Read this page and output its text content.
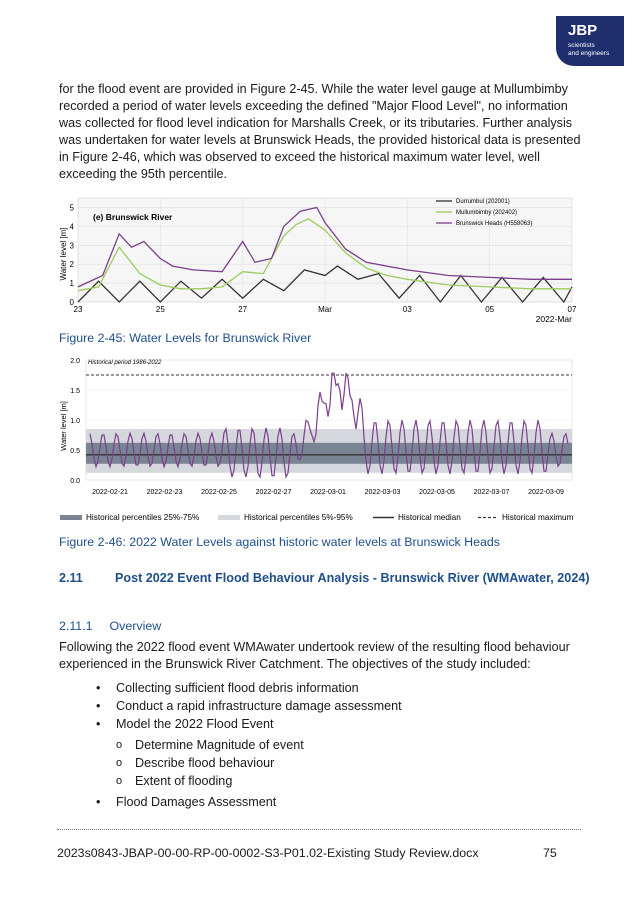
JBP
scientists
and engineers

for the flood event are provided in Figure 2-45. While the water level gauge at Mullumbimby recorded a period of water levels exceeding the defined "Major Flood Level", no information was collected for flood level indication for Marshalls Creek, or its tributaries. Further analysis was undertaken for water levels at Brunswick Heads, the provided historical data is presented in Figure 2-46, which was observed to exceed the historical maximum water level, well exceeding the 95th percentile.

Water level [m]
(e) Brunswick River
0
1
2
3
4
5
23	25	27	Mar	03	05	07
Durrumbul (202001)
Mullumbimby (202402)
Brunswick Heads (H558063)
2022-Mar
Figure 2-45: Water Levels for Brunswick River
Water level [m]
Historical period 1986-2022
0.0
0.5
1.0
1.5
2.0
2022-02-21	2022-02-23	2022-02-25	2022-02-27	2022-03-01	2022-03-03	2022-03-05	2022-03-07	2022-03-09
Historical percentiles 25%-75%	Historical percentiles 5%-95%	Historical median	Historical maximum
Figure 2-46: 2022 Water Levels against historic water levels at Brunswick Heads
2.11	Post 2022 Event Flood Behaviour Analysis - Brunswick River (WMAwater, 2024)
2.11.1 Overview

Following the 2022 flood event WMAwater undertook review of the resulting flood behaviour experienced in the Brunswick River Catchment. The objectives of the study included:

• Collecting sufficient flood debris information
• Conduct a rapid infrastructure damage assessment
• Model the 2022 Flood Event
o Determine Magnitude of event
o Describe flood behaviour
o Extent of flooding
• Flood Damages Assessment
2023s0843-JBAP-00-00-RP-00-0002-S3-P01.02-Existing Study Review.docx	75
